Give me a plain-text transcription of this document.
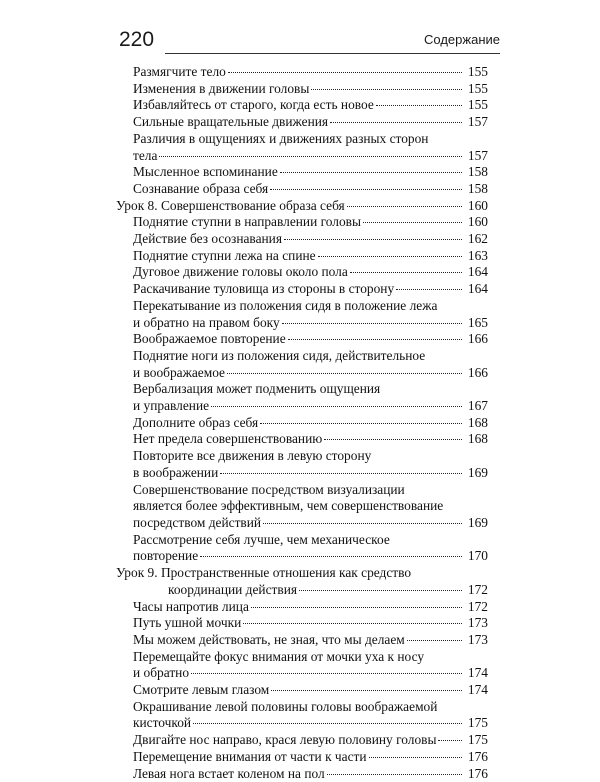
220	Содержание
Размягчите тело	155
Изменения в движении головы	155
Избавляйтесь от старого, когда есть новое	155
Сильные вращательные движения	157
Различия в ощущениях и движениях разных сторон
тела	157
Мысленное вспоминание	158
Сознавание образа себя	158
Урок 8. Совершенствование образа себя	160
Поднятие ступни в направлении головы	160
Действие без осознавания	162
Поднятие ступни лежа на спине	163
Дуговое движение головы около пола	164
Раскачивание туловища из стороны в сторону	164
Перекатывание из положения сидя в положение лежа
и обратно на правом боку	165
Воображаемое повторение	166
Поднятие ноги из положения сидя, действительное
и воображаемое	166
Вербализация может подменить ощущения
и управление	167
Дополните образ себя	168
Нет предела совершенствованию	168
Повторите все движения в левую сторону
в воображении	169
Совершенствование посредством визуализации
является более эффективным, чем совершенствование
посредством действий	169
Рассмотрение себя лучше, чем механическое
повторение	170
Урок 9. Пространственные отношения как средство
координации действия	172
Часы напротив лица	172
Путь ушной мочки	173
Мы можем действовать, не зная, что мы делаем	173
Перемещайте фокус внимания от мочки уха к носу
и обратно	174
Смотрите левым глазом	174
Окрашивание левой половины головы воображаемой
кисточкой	175
Двигайте нос направо, крася левую половину головы 175
Перемещение внимания от части к части	176
Левая нога встает коленом на пол	176
